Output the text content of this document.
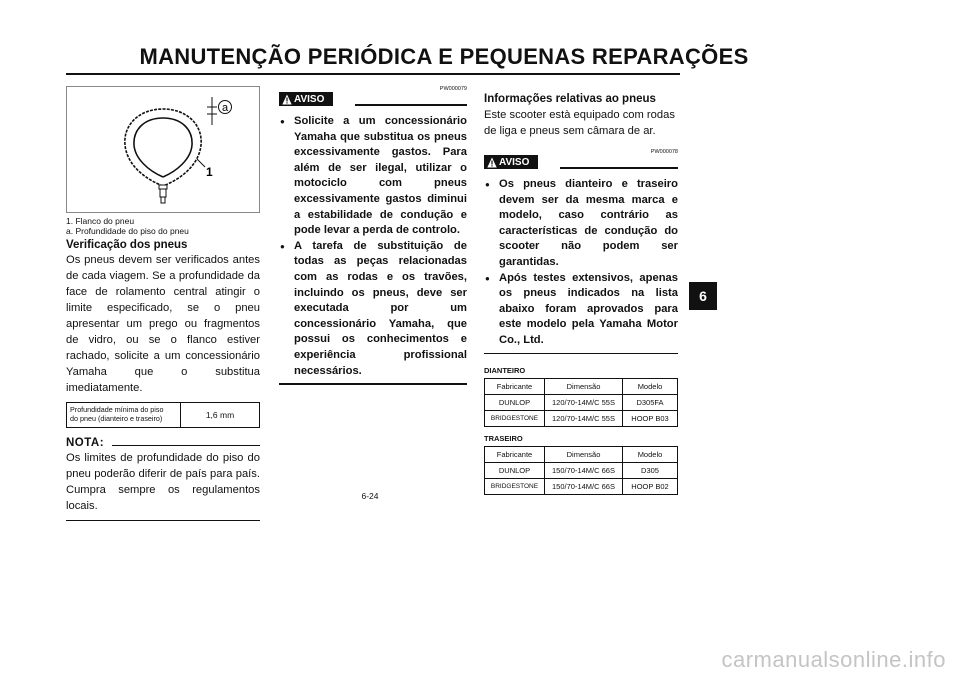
MANUTENÇÃO PERIÓDICA E PEQUENAS REPARAÇÕES
6
a
1
1. Flanco do pneu
a. Profundidade do piso do pneu
Verificação dos pneus

Os pneus devem ser verificados antes de cada viagem. Se a profundidade da face de rolamento central atingir o limite especificado, se o pneu apresentar um prego ou fragmentos de vidro, ou se o flanco estiver rachado, solicite a um concessionário Yamaha que o substitua imediatamente.

Profundidade mínima do piso
do pneu (dianteiro e traseiro)	1,6 mm
NOTA:

Os limites de profundidade do piso do pneu poderão diferir de país para país. Cumpra sempre os regulamentos locais.

AVISO
PW000079
● Solicite a um concessionário Yamaha que substitua os pneus excessivamente gastos. Para além de ser ilegal, utilizar o motociclo com pneus excessivamente gastos diminui a estabilidade de condução e pode levar a perda de controlo.
● A tarefa de substituição de todas as peças relacionadas com as rodas e os travões, incluindo os pneus, deve ser executada por um concessionário Yamaha, que possui os conhecimentos e experiência profissional necessários.
Informações relativas ao pneus
Este scooter està equipado com rodas de liga e pneus sem câmara de ar.
AVISO
PW000078
● Os pneus dianteiro e traseiro devem ser da mesma marca e modelo, caso contrário as características de condução do scooter não podem ser garantidas.
● Após testes extensivos, apenas os pneus indicados na lista abaixo foram aprovados para este modelo pela Yamaha Motor Co., Ltd.
DIANTEIRO
Fabricante	Dimensão	Modelo
DUNLOP	120/70-14M/C 55S	D305FA
BRIDGESTONE	120/70-14M/C 55S	HOOP B03
TRASEIRO
Fabricante	Dimensão	Modelo
DUNLOP	150/70-14M/C 66S	D305
BRIDGESTONE	150/70-14M/C 66S	HOOP B02
6-24
carmanualsonline.info
